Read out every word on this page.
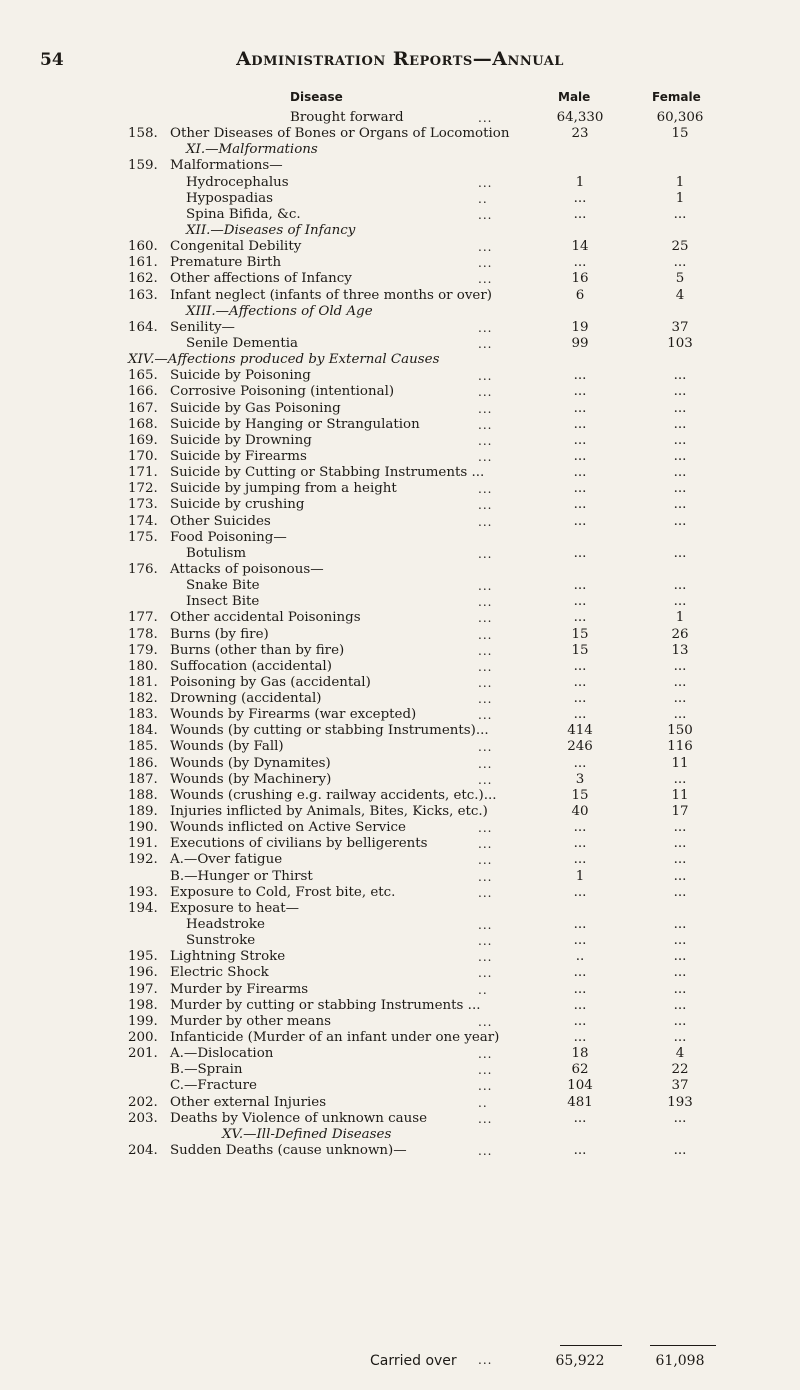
54	Administration Reports—Annual
Disease	Male	Female
Brought forward	...	64,330	60,306
158. Other Diseases of Bones or Organs of Locomotion	23	15
XI.—Malformations
159. Malformations—
Hydrocephalus	...	1	1
Hypospadias	..	...	1
Spina Bifida, &c.	...	...	...
XII.—Diseases of Infancy
160. Congenital Debility	...	14	25
161. Premature Birth	...	...	...
162. Other affections of Infancy	...	16	5
163. Infant neglect (infants of three months or over)	6	4
XIII.—Affections of Old Age
164. Senility—	...	19	37
Senile Dementia	...	99	103
XIV.—Affections produced by External Causes
165. Suicide by Poisoning	...	...	...
166. Corrosive Poisoning (intentional)	...	...	...
167. Suicide by Gas Poisoning	...	...	...
168. Suicide by Hanging or Strangulation	...	...	...
169. Suicide by Drowning	...	...	...
170. Suicide by Firearms	...	...	...
171. Suicide by Cutting or Stabbing Instruments ...	...	...
172. Suicide by jumping from a height	...	...	...
173. Suicide by crushing	...	...	...
174. Other Suicides	...	...	...
175. Food Poisoning—
Botulism	...	...	...
176. Attacks of poisonous—
Snake Bite	...	...	...
Insect Bite	...	...	...
177. Other accidental Poisonings	...	...	1
178. Burns (by fire)	...	15	26
179. Burns (other than by fire)	...	15	13
180. Suffocation (accidental)	...	...	...
181. Poisoning by Gas (accidental)	...	...	...
182. Drowning (accidental)	...	...	...
183. Wounds by Firearms (war excepted)	...	...	...
184. Wounds (by cutting or stabbing Instruments)...	414	150
185. Wounds (by Fall)	...	246	116
186. Wounds (by Dynamites)	...	...	11
187. Wounds (by Machinery)	...	3	...
188. Wounds (crushing e.g. railway accidents, etc.)...	15	11
189. Injuries inflicted by Animals, Bites, Kicks, etc.)	40	17
190. Wounds inflicted on Active Service	...	...	...
191. Executions of civilians by belligerents	...	...	...
192. A.—Over fatigue	...	...	...
B.—Hunger or Thirst	...	1	...
193. Exposure to Cold, Frost bite, etc.	...	...	...
194. Exposure to heat—
Headstroke	...	...	...
Sunstroke	...	...	...
195. Lightning Stroke	...	..	...
196. Electric Shock	...	...	...
197. Murder by Firearms	..	...	...
198. Murder by cutting or stabbing Instruments ...	...	...
199. Murder by other means	...	...	...
200. Infanticide (Murder of an infant under one year)	...	...
201. A.—Dislocation	...	18	4
B.—Sprain	...	62	22
C.—Fracture	...	104	37
202. Other external Injuries	..	481	193
203. Deaths by Violence of unknown cause	...	...	...
XV.—Ill-Defined Diseases
204. Sudden Deaths (cause unknown)—	...	...	...
Carried over ...	65,922	61,098
